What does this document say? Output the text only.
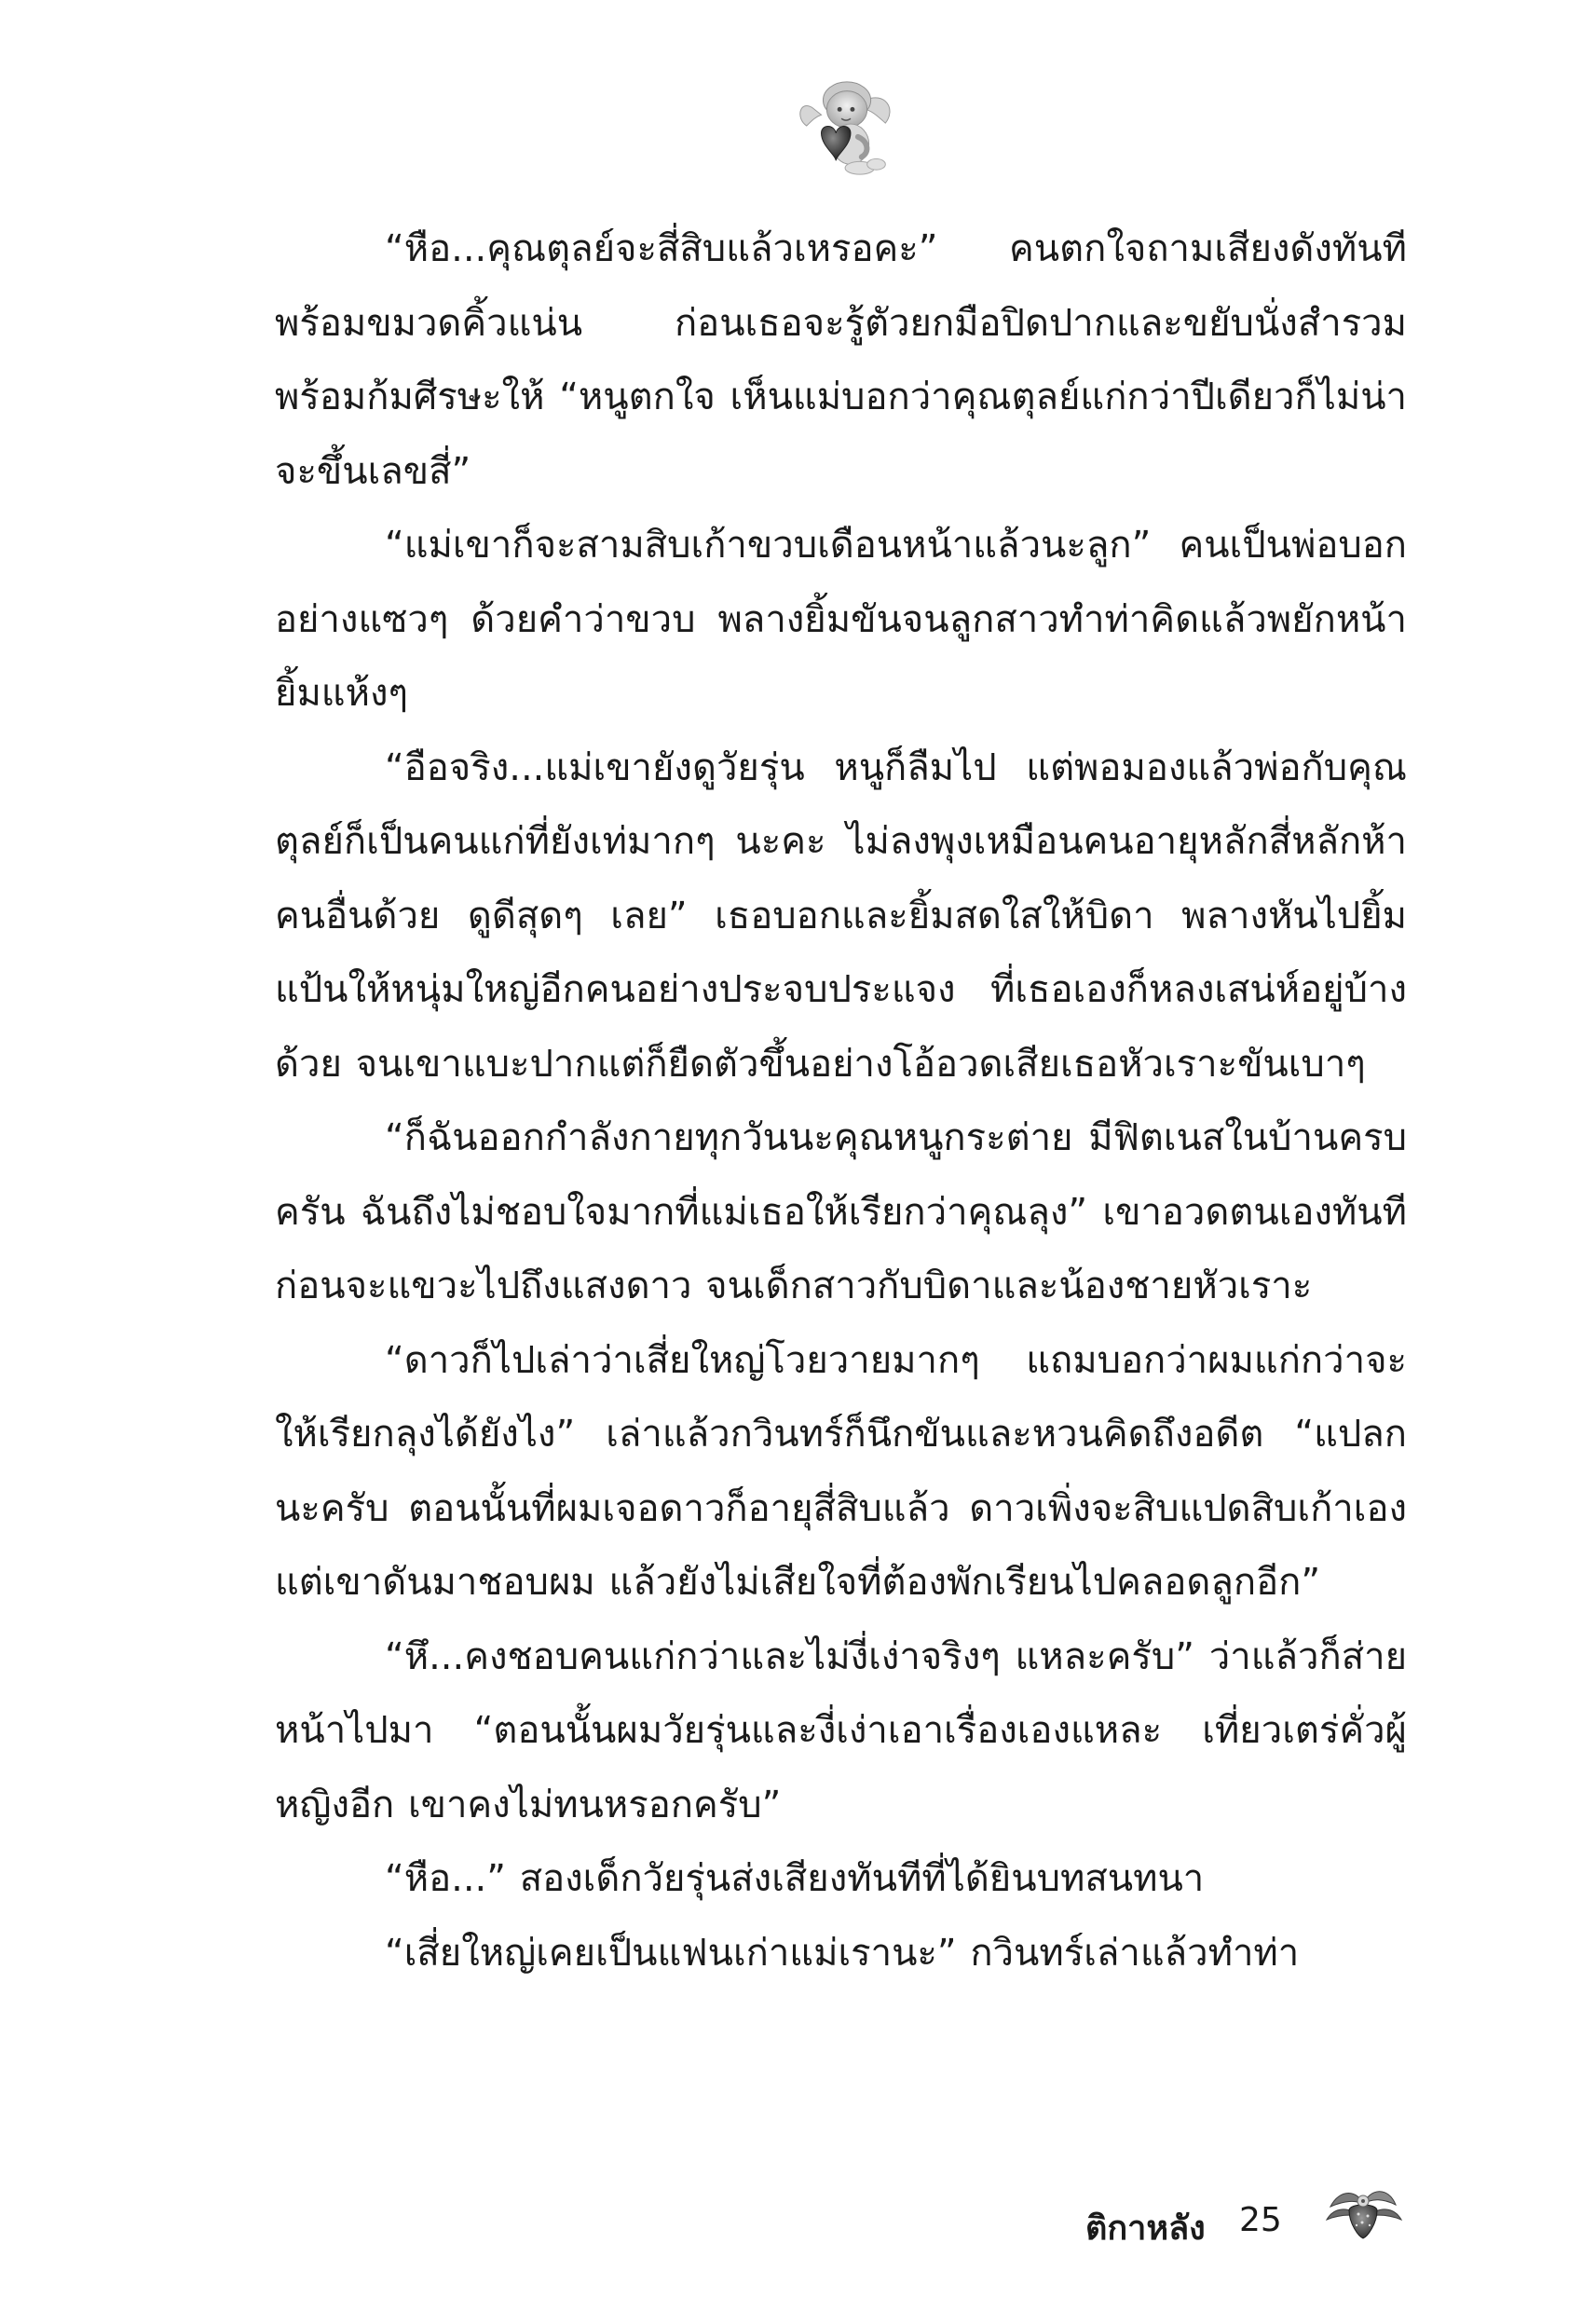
“หือ...คุณตุลย์จะสี่สิบแล้วเหรอคะ” คนตกใจถามเสียงดังทันทีพร้อมขมวดคิ้วแน่น ก่อนเธอจะรู้ตัวยกมือปิดปากและขยับนั่งสำรวมพร้อมก้มศีรษะให้ “หนูตกใจ เห็นแม่บอกว่าคุณตุลย์แก่กว่าปีเดียวก็ไม่น่าจะขึ้นเลขสี่”

“แม่เขาก็จะสามสิบเก้าขวบเดือนหน้าแล้วนะลูก” คนเป็นพ่อบอกอย่างแซวๆ ด้วยคำว่าขวบ พลางยิ้มขันจนลูกสาวทำท่าคิดแล้วพยักหน้ายิ้มแห้งๆ

“อือจริง...แม่เขายังดูวัยรุ่น หนูก็ลืมไป แต่พอมองแล้วพ่อกับคุณตุลย์ก็เป็นคนแก่ที่ยังเท่มากๆ นะคะ ไม่ลงพุงเหมือนคนอายุหลักสี่หลักห้าคนอื่นด้วย ดูดีสุดๆ เลย” เธอบอกและยิ้มสดใสให้บิดา พลางหันไปยิ้มแป้นให้หนุ่มใหญ่อีกคนอย่างประจบประแจง ที่เธอเองก็หลงเสน่ห์อยู่บ้างด้วย จนเขาแบะปากแต่ก็ยืดตัวขึ้นอย่างโอ้อวดเสียเธอหัวเราะขันเบาๆ

“ก็ฉันออกกำลังกายทุกวันนะคุณหนูกระต่าย มีฟิตเนสในบ้านครบครัน ฉันถึงไม่ชอบใจมากที่แม่เธอให้เรียกว่าคุณลุง” เขาอวดตนเองทันที ก่อนจะแขวะไปถึงแสงดาว จนเด็กสาวกับบิดาและน้องชายหัวเราะ

“ดาวก็ไปเล่าว่าเสี่ยใหญ่โวยวายมากๆ แถมบอกว่าผมแก่กว่าจะให้เรียกลุงได้ยังไง” เล่าแล้วกวินทร์ก็นึกขันและหวนคิดถึงอดีต “แปลกนะครับ ตอนนั้นที่ผมเจอดาวก็อายุสี่สิบแล้ว ดาวเพิ่งจะสิบแปดสิบเก้าเอง แต่เขาดันมาชอบผม แล้วยังไม่เสียใจที่ต้องพักเรียนไปคลอดลูกอีก”

“หึ...คงชอบคนแก่กว่าและไม่งี่เง่าจริงๆ แหละครับ” ว่าแล้วก็ส่ายหน้าไปมา “ตอนนั้นผมวัยรุ่นและงี่เง่าเอาเรื่องเองแหละ เที่ยวเตร่คั่วผู้หญิงอีก เขาคงไม่ทนหรอกครับ”

“หือ...” สองเด็กวัยรุ่นส่งเสียงทันทีที่ได้ยินบทสนทนา

“เสี่ยใหญ่เคยเป็นแฟนเก่าแม่เรานะ” กวินทร์เล่าแล้วทำท่า

ติกาหลัง 25
